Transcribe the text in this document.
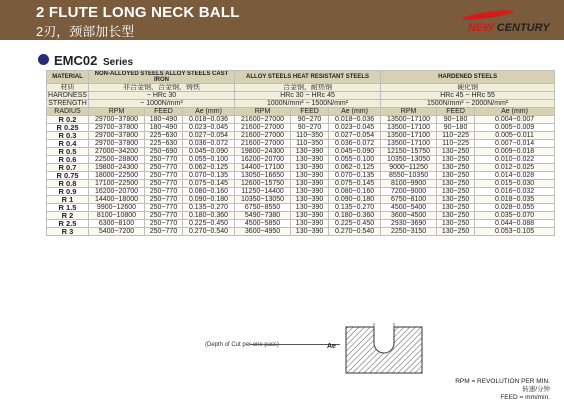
2 FLUTE LONG NECK BALL
2刃，颈部加长型	NEW CENTURY
EMC02 Series
MATERIAL	NON-ALLOYED STEELS ALLOY STEELS CAST IRON			ALLOY STEELS HEAT RESISTANT STEELS			HARDENED STEELS		
材质	非合金钢，合金钢，铸铁			合金钢，耐热钢			硬化钢		
HARDNESS	~ HRc 30			HRc 30 ~ HRc 45			HRc 45 ~ HRc 55		
STRENGTH	~ 1000N/mm²			1000N/mm² ~ 1500N/mm²			1500N/mm² ~ 2000N/mm²		
RADIUS	RPM	FEED	Ae (mm)	RPM	FEED	Ae (mm)	RPM	FEED	Ae (mm)
R 0.2	29700~37800	180~490	0.018~0.036	21600~27000	90~270	0.018~0.036	13500~17100	90~180	0.004~0.007
R 0.25	29700~37800	180~490	0.023~0.045	21600~27000	90~270	0.023~0.045	13500~17100	90~180	0.005~0.009
R 0.3	29700~37800	225~630	0.027~0.054	21600~27000	110~350	0.027~0.054	13500~17100	110~225	0.005~0.011
R 0.4	29700~37800	225~630	0.036~0.072	21600~27000	110~350	0.036~0.072	13500~17100	110~225	0.007~0.014
R 0.5	27000~34200	250~690	0.045~0.090	19800~24300	130~390	0.045~0.090	12150~15750	130~250	0.009~0.018
R 0.6	22500~28800	250~770	0.055~0.100	16200~20700	130~390	0.055~0.100	10350~13050	130~250	0.010~0.022
R 0.7	19800~24300	250~770	0.062~0.125	14400~17100	130~390	0.062~0.125	9000~11250	130~250	0.012~0.025
R 0.75	18000~22500	250~770	0.070~0.135	13050~16650	130~390	0.070~0.135	8550~10350	130~250	0.014~0.028
R 0.8	17100~22500	250~770	0.075~0.145	12600~15750	130~390	0.075~0.145	8100~9900	130~250	0.015~0.030
R 0.9	16200~20700	250~770	0.080~0.160	11250~14400	130~390	0.080~0.160	7200~9000	130~250	0.016~0.032
R 1	14400~18000	250~770	0.090~0.180	10350~13050	130~390	0.090~0.180	6750~8100	130~250	0.018~0.035
R 1.5	9900~12600	250~770	0.135~0.270	6750~8550	130~390	0.135~0.270	4500~5400	130~250	0.028~0.055
R 2	8100~10800	250~770	0.180~0.360	5490~7380	130~390	0.180~0.360	3600~4500	130~250	0.035~0.070
R 2.5	6300~8100	250~770	0.225~0.450	4500~5850	130~390	0.225~0.450	2930~3690	130~250	0.044~0.088
R 3	5400~7200	250~770	0.270~0.540	3600~4950	130~390	0.270~0.540	2250~3150	130~250	0.053~0.105
(Depth of Cut per one pass)	Ae
RPM = REVOLUTION PER MIN.
转速/分钟
FEED = mm/min.
